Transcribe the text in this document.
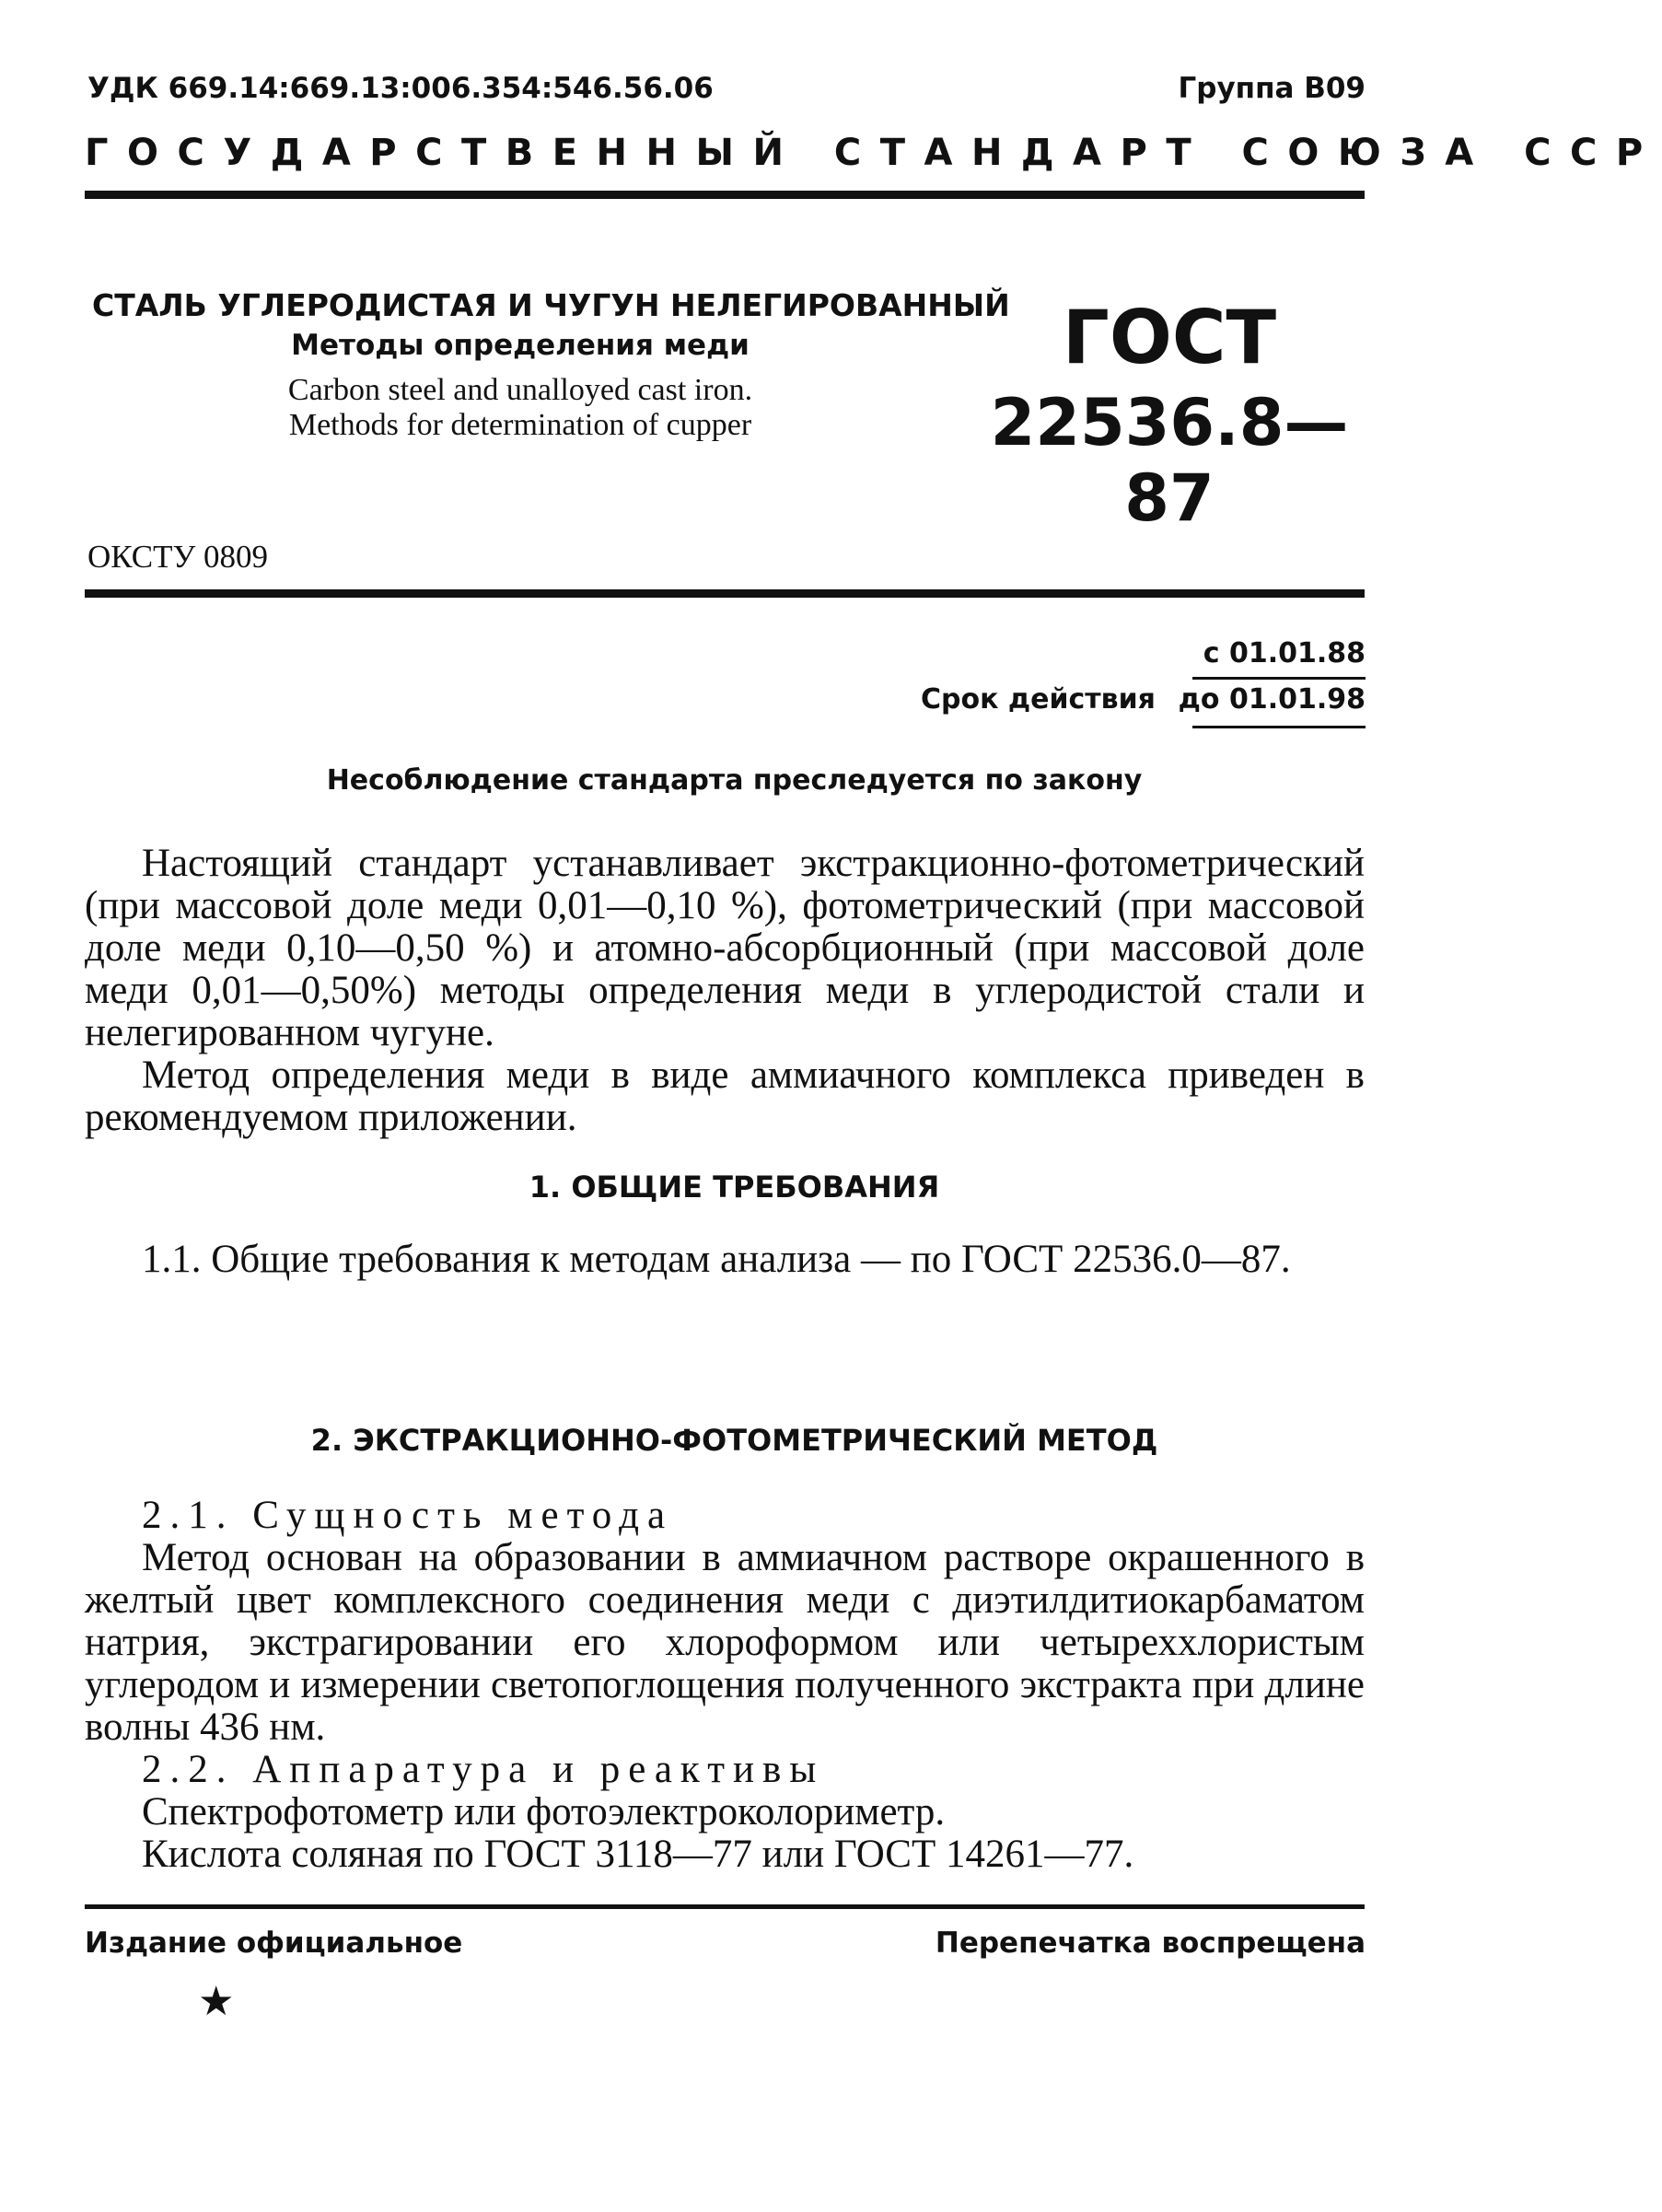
УДК 669.14:669.13:006.354:546.56.06	Группа В09
ГОСУДАРСТВЕННЫЙ СТАНДАРТ СОЮЗА ССР
СТАЛЬ УГЛЕРОДИСТАЯ И ЧУГУН НЕЛЕГИРОВАННЫЙ
Методы определения меди
Carbon steel and unalloyed cast iron.
Methods for determination of cupper
ГОСТ
22536.8—87
ОКСТУ 0809
с 01.01.88
Срок действия до 01.01.98
Несоблюдение стандарта преследуется по закону
Настоящий стандарт устанавливает экстракционно-фотометрический (при массовой доле меди 0,01—0,10 %), фотометрический (при массовой доле меди 0,10—0,50 %) и атомно-абсорбционный (при массовой доле меди 0,01—0,50%) методы определения меди в углеродистой стали и нелегированном чугуне.
Метод определения меди в виде аммиачного комплекса приведен в рекомендуемом приложении.
1. ОБЩИЕ ТРЕБОВАНИЯ
1.1. Общие требования к методам анализа — по ГОСТ 22536.0—87.
2. ЭКСТРАКЦИОННО-ФОТОМЕТРИЧЕСКИЙ МЕТОД
2.1. Сущность метода
Метод основан на образовании в аммиачном растворе окрашенного в желтый цвет комплексного соединения меди с диэтилдитиокарбаматом натрия, экстрагировании его хлороформом или четыреххлористым углеродом и измерении светопоглощения полученного экстракта при длине волны 436 нм.
2.2. Аппаратура и реактивы
Спектрофотометр или фотоэлектроколориметр.
Кислота соляная по ГОСТ 3118—77 или ГОСТ 14261—77.
Издание официальное	Перепечатка воспрещена
★
